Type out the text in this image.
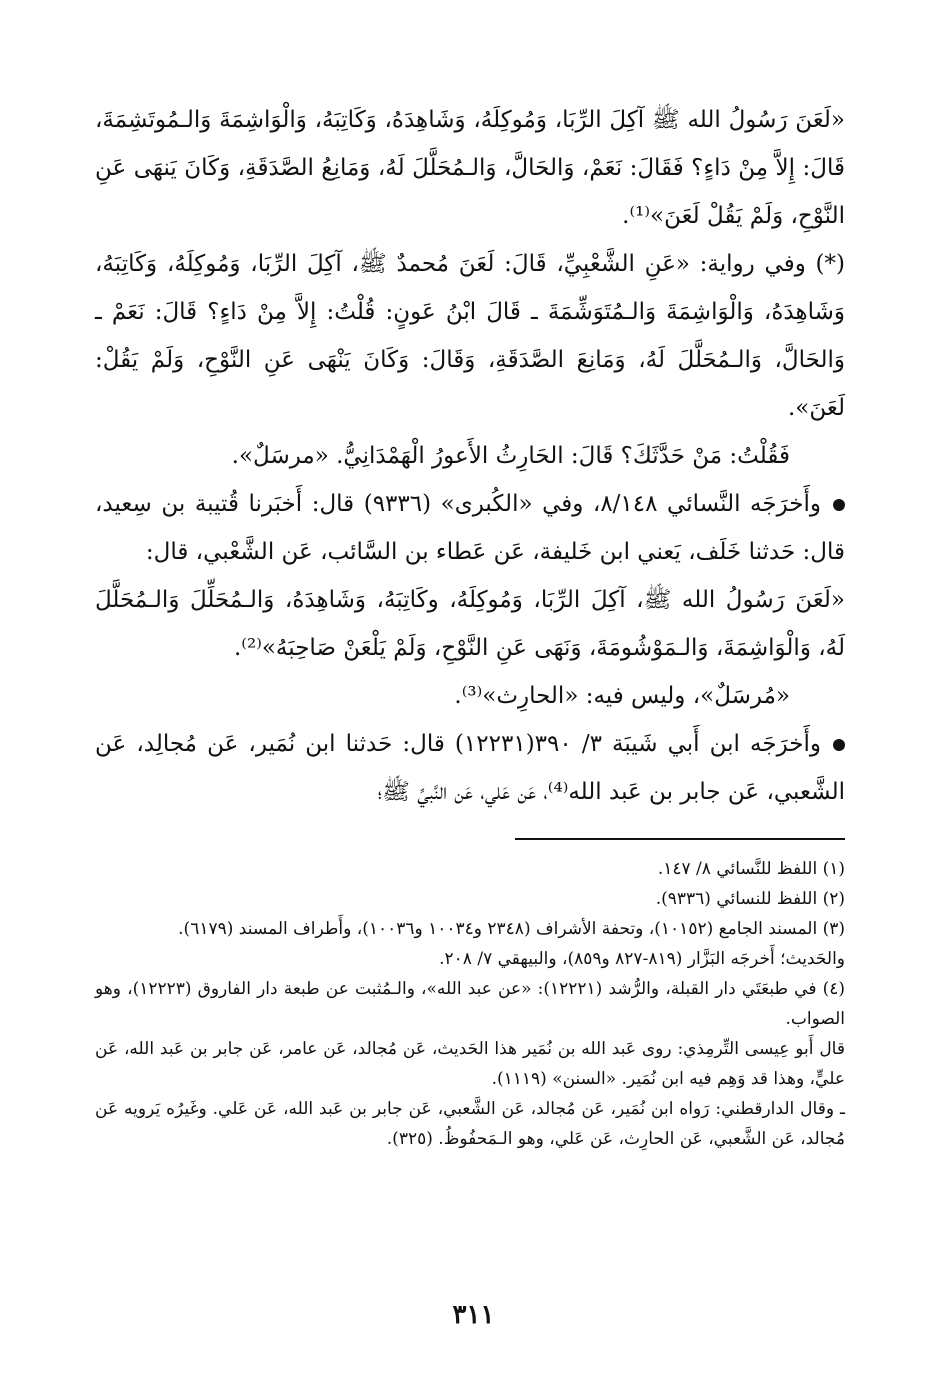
«لَعَنَ رَسُولُ الله ﷺ آكِلَ الرِّبَا، وَمُوكِلَهُ، وَشَاهِدَهُ، وَكَاتِبَهُ، وَالْوَاشِمَةَ وَالـمُوتَشِمَةَ، قَالَ: إِلاَّ مِنْ دَاءٍ؟ فَقَالَ: نَعَمْ، وَالحَالَّ، وَالـمُحَلَّلَ لَهُ، وَمَانِعُ الصَّدَقَةِ، وَكَانَ يَنهَى عَنِ النَّوْحِ، وَلَمْ يَقُلْ لَعَنَ»⁽¹⁾.

(*) وفي رواية: «عَنِ الشَّعْبِيِّ، قَالَ: لَعَنَ مُحمدٌ ﷺ، آكِلَ الرِّبَا، وَمُوكِلَهُ، وَكَاتِبَهُ، وَشَاهِدَهُ، وَالْوَاشِمَةَ وَالـمُتَوَشِّمَةَ ـ قَالَ ابْنُ عَونٍ: قُلْتُ: إِلاَّ مِنْ دَاءٍ؟ قَالَ: نَعَمْ ـ وَالحَالَّ، وَالـمُحَلَّلَ لَهُ، وَمَانِعَ الصَّدَقَةِ، وَقَالَ: وَكَانَ يَنْهَى عَنِ النَّوْحِ، وَلَمْ يَقُلْ: لَعَنَ».

فَقُلْتُ: مَنْ حَدَّثَكَ؟ قَالَ: الحَارِثُ الأَعورُ الْهَمْدَانِيُّ. «مرسَلٌ».

وأَخرَجَه النَّسائي ٨/١٤٨، وفي «الكُبرى» (٩٣٣٦) قال: أَخبَرنا قُتيبة بن سِعيد، قال: حَدثنا خَلَف، يَعني ابن خَليفة، عَن عَطاء بن السَّائب، عَن الشَّعْبي، قال:

«لَعَنَ رَسُولُ الله ﷺ، آكِلَ الرِّبَا، وَمُوكِلَهُ، وكَاتِبَهُ، وَشَاهِدَهُ، وَالـمُحَلِّلَ وَالـمُحَلَّلَ لَهُ، وَالْوَاشِمَةَ، وَالـمَوْشُومَةَ، وَنَهَى عَنِ النَّوْحِ، وَلَمْ يَلْعَنْ صَاحِبَهُ»⁽²⁾.

«مُرسَلٌ»، وليس فيه: «الحارِث»⁽³⁾.

وأَخرَجَه ابن أَبي شَيبَة ٣/ ٣٩٠(١٢٢٣١) قال: حَدثنا ابن نُمَير، عَن مُجالِد، عَن الشَّعبي، عَن جابر بن عَبد الله⁽⁴⁾، عَن عَلي، عَن النَّبيِّ ﷺ؛

(١) اللفظ للنَّسائي ٨/ ١٤٧.

(٢) اللفظ للنسائي (٩٣٣٦).

(٣) المسند الجامع (١٠١٥٢)، وتحفة الأشراف (٢٣٤٨ و١٠٠٣٤ و١٠٠٣٦)، وأَطراف المسند (٦١٧٩).

والحَديث؛ أَخرجَه البَزَّار (٨١٩-٨٢٧ و٨٥٩)، والبيهقي ٧/ ٢٠٨.

(٤) في طبعَتَي دار القبلة، والرُّشد (١٢٢٢١): «عن عبد الله»، والـمُثبت عن طبعة دار الفاروق (١٢٢٢٣)، وهو الصواب.

قال أَبو عِيسى التِّرمِذي: روى عَبد الله بن نُمَير هذا الحَديث، عَن مُجالد، عَن عامر، عَن جابر بن عَبد الله، عَن عليٍّ، وهذا قد وَهِم فيه ابن نُمَير. «السنن» (١١١٩).

ـ وقال الدارقطني: رَواه ابن نُمَير، عَن مُجالد، عَن الشَّعبي، عَن جابر بن عَبد الله، عَن عَلي. وغَيرُه يَرويه عَن مُجالد، عَن الشَّعبي، عَن الحارِث، عَن عَلي، وهو الـمَحفُوظُ. (٣٢٥).

٣١١
